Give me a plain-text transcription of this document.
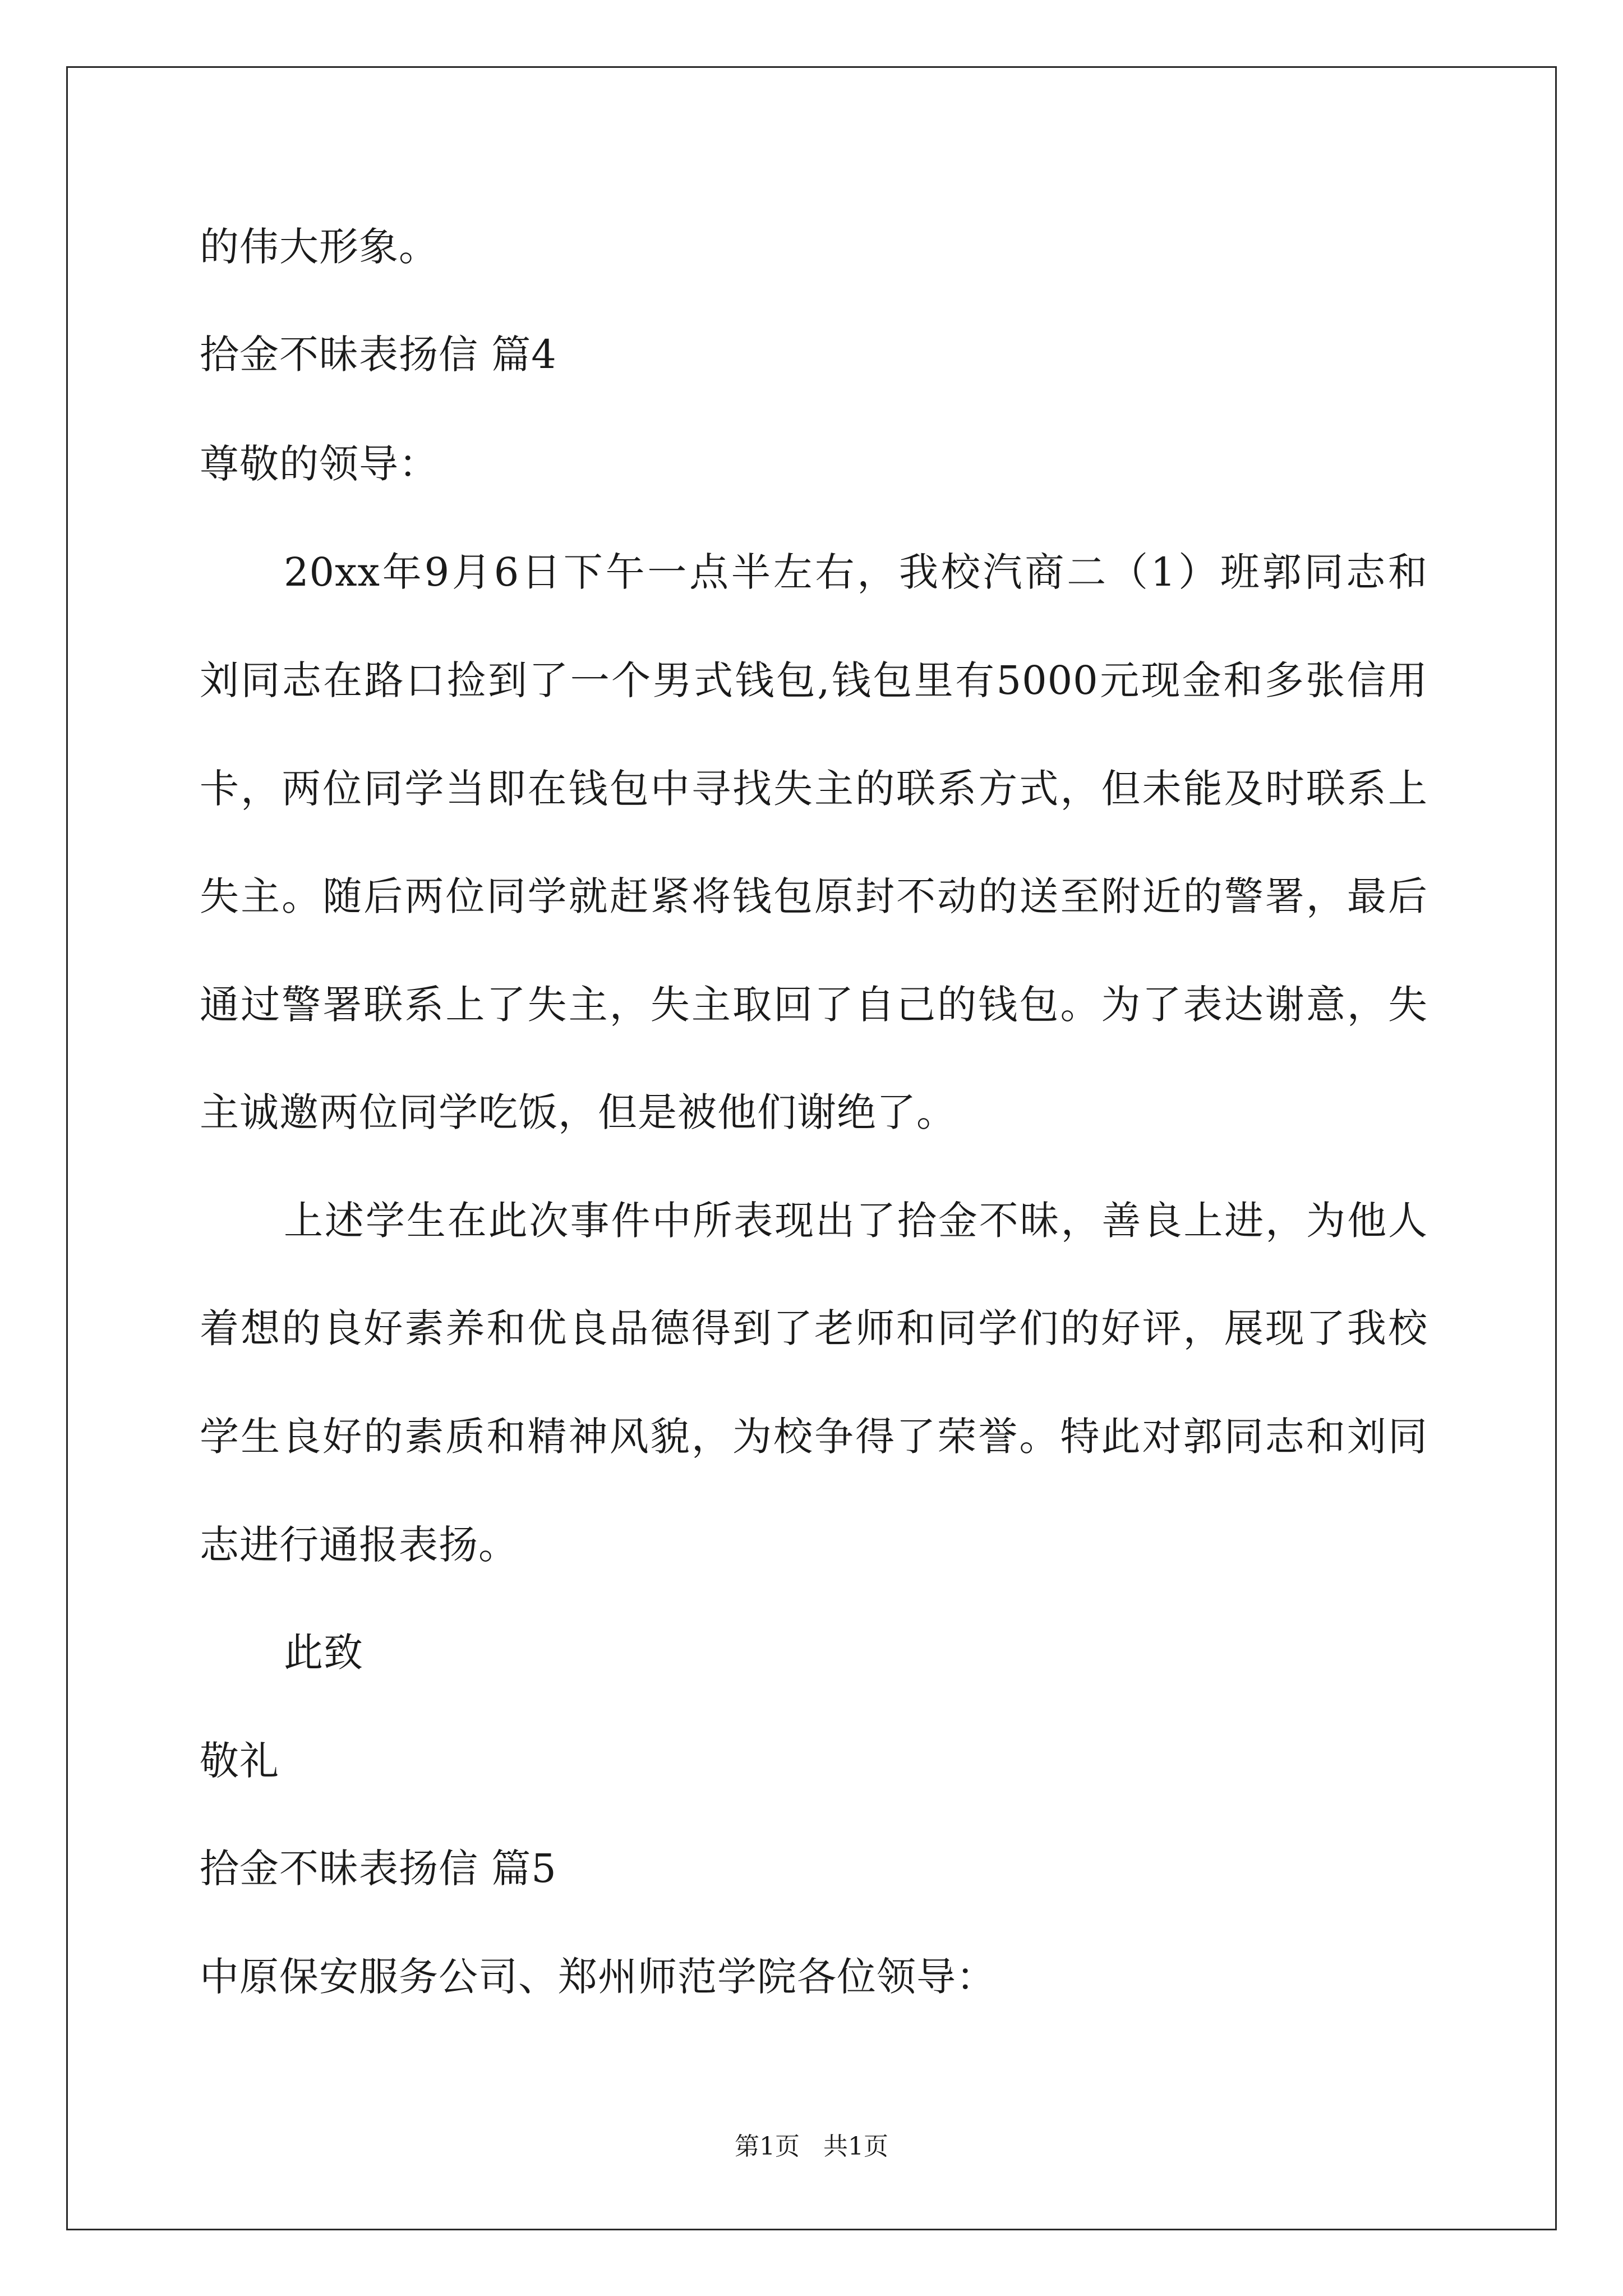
的伟大形象。
拾金不昧表扬信 篇4
尊敬的领导：
20xx年9月6日下午一点半左右，我校汽商二（1）班郭同志和
刘同志在路口捡到了一个男式钱包,钱包里有5000元现金和多张信用
卡，两位同学当即在钱包中寻找失主的联系方式，但未能及时联系上
失主。随后两位同学就赶紧将钱包原封不动的送至附近的警署，最后
通过警署联系上了失主，失主取回了自己的钱包。为了表达谢意，失
主诚邀两位同学吃饭，但是被他们谢绝了。
上述学生在此次事件中所表现出了拾金不昧，善良上进，为他人
着想的良好素养和优良品德得到了老师和同学们的好评，展现了我校
学生良好的素质和精神风貌，为校争得了荣誉。特此对郭同志和刘同
志进行通报表扬。
此致
敬礼
拾金不昧表扬信 篇5
中原保安服务公司、郑州师范学院各位领导：
第1页 共1页
